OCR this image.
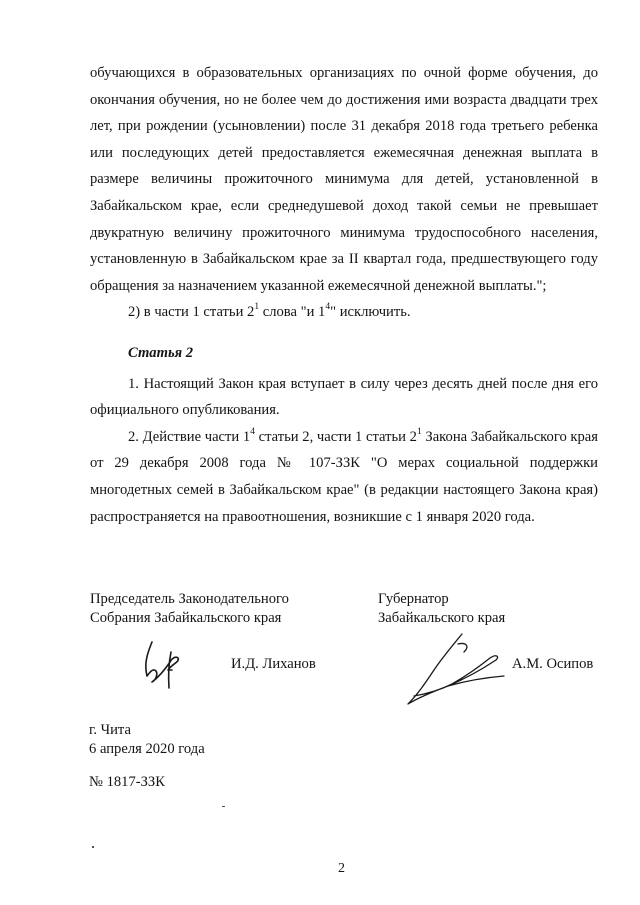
обучающихся в образовательных организациях по очной форме обучения, до окончания обучения, но не более чем до достижения ими возраста двадцати трех лет, при рождении (усыновлении) после 31 декабря 2018 года третьего ребенка или последующих детей предоставляется ежемесячная денежная выплата в размере величины прожиточного минимума для детей, установленной в Забайкальском крае, если среднедушевой доход такой семьи не превышает двукратную величину прожиточного минимума трудоспособного населения, установленную в Забайкальском крае за II квартал года, предшествующего году обращения за назначением указанной ежемесячной денежной выплаты.";

2) в части 1 статьи $2^1$ слова "и $1^4$" исключить.

Статья 2

1. Настоящий Закон края вступает в силу через десять дней после дня его официального опубликования.

2. Действие части $1^4$ статьи 2, части 1 статьи $2^1$ Закона Забайкальского края от 29 декабря 2008 года № 107-ЗЗК "О мерах социальной поддержки многодетных семей в Забайкальском крае" (в редакции настоящего Закона края) распространяется на правоотношения, возникшие с 1 января 2020 года.

Председатель Законодательного
Собрания Забайкальского края
Губернатор
Забайкальского края
И.Д. Лиханов	А.М. Осипов
г. Чита
6 апреля 2020 года
№ 1817-ЗЗК
2
